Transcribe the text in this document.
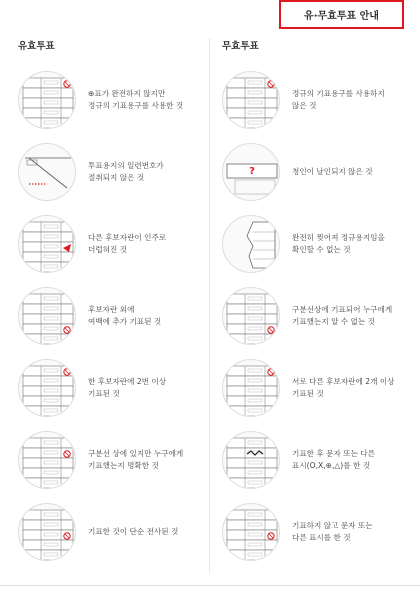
유·무효투표 안내
유효투표
⊕표가 완전하지 않지만
정규의 기표용구를 사용한 것
투표용지의 일련번호가
절취되지 않은 것
다른 후보자란이 인주로
더럽혀진 것
후보자란 외에
여백에 추가 기표된 것
한 후보자란에 2번 이상
기표된 것
구분선 상에 있지만 누구에게
기표했는지 명확한 것
기표한 것이 단순 전사된 것
무효투표
정규의 기표용구를 사용하지
않은 것
?	청인이 날인되지 않은 것
완전히 찢어져 정규용지임을
확인할 수 없는 것
구분선상에 기표되어 누구에게
기표했는지 알 수 없는 것
서로 다른 후보자란에 2개 이상
기표된 것
기표한 후 문자 또는 다른
표시(O,X,⊕,△)를 한 것
기표하지 않고 문자 또는
다른 표시를 한 것
